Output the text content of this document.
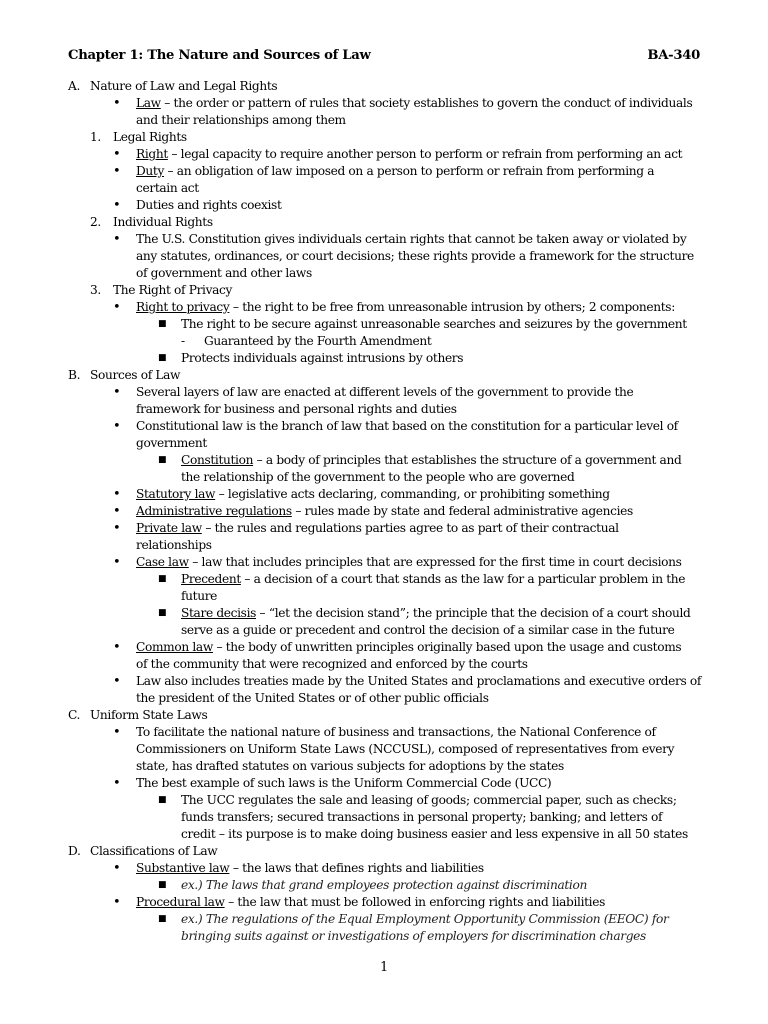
Chapter 1: The Nature and Sources of Law	BA-340
A. Nature of Law and Legal Rights
• Law – the order or pattern of rules that society establishes to govern the conduct of individuals
and their relationships among them
1. Legal Rights
• Right – legal capacity to require another person to perform or refrain from performing an act
• Duty – an obligation of law imposed on a person to perform or refrain from performing a
certain act
• Duties and rights coexist
2. Individual Rights
• The U.S. Constitution gives individuals certain rights that cannot be taken away or violated by
any statutes, ordinances, or court decisions; these rights provide a framework for the structure
of government and other laws
3. The Right of Privacy
• Right to privacy – the right to be free from unreasonable intrusion by others; 2 components:
■ The right to be secure against unreasonable searches and seizures by the government
- Guaranteed by the Fourth Amendment
■ Protects individuals against intrusions by others
B. Sources of Law
• Several layers of law are enacted at different levels of the government to provide the
framework for business and personal rights and duties
• Constitutional law is the branch of law that based on the constitution for a particular level of
government
■ Constitution – a body of principles that establishes the structure of a government and
the relationship of the government to the people who are governed
• Statutory law – legislative acts declaring, commanding, or prohibiting something
• Administrative regulations – rules made by state and federal administrative agencies
• Private law – the rules and regulations parties agree to as part of their contractual
relationships
• Case law – law that includes principles that are expressed for the first time in court decisions
■ Precedent – a decision of a court that stands as the law for a particular problem in the
future
■ Stare decisis – “let the decision stand”; the principle that the decision of a court should
serve as a guide or precedent and control the decision of a similar case in the future
• Common law – the body of unwritten principles originally based upon the usage and customs
of the community that were recognized and enforced by the courts
• Law also includes treaties made by the United States and proclamations and executive orders of
the president of the United States or of other public officials
C. Uniform State Laws
• To facilitate the national nature of business and transactions, the National Conference of
Commissioners on Uniform State Laws (NCCUSL), composed of representatives from every
state, has drafted statutes on various subjects for adoptions by the states
• The best example of such laws is the Uniform Commercial Code (UCC)
■ The UCC regulates the sale and leasing of goods; commercial paper, such as checks;
funds transfers; secured transactions in personal property; banking; and letters of
credit – its purpose is to make doing business easier and less expensive in all 50 states
D. Classifications of Law
• Substantive law – the laws that defines rights and liabilities
■ ex.) The laws that grand employees protection against discrimination
• Procedural law – the law that must be followed in enforcing rights and liabilities
■ ex.) The regulations of the Equal Employment Opportunity Commission (EEOC) for
bringing suits against or investigations of employers for discrimination charges
1
